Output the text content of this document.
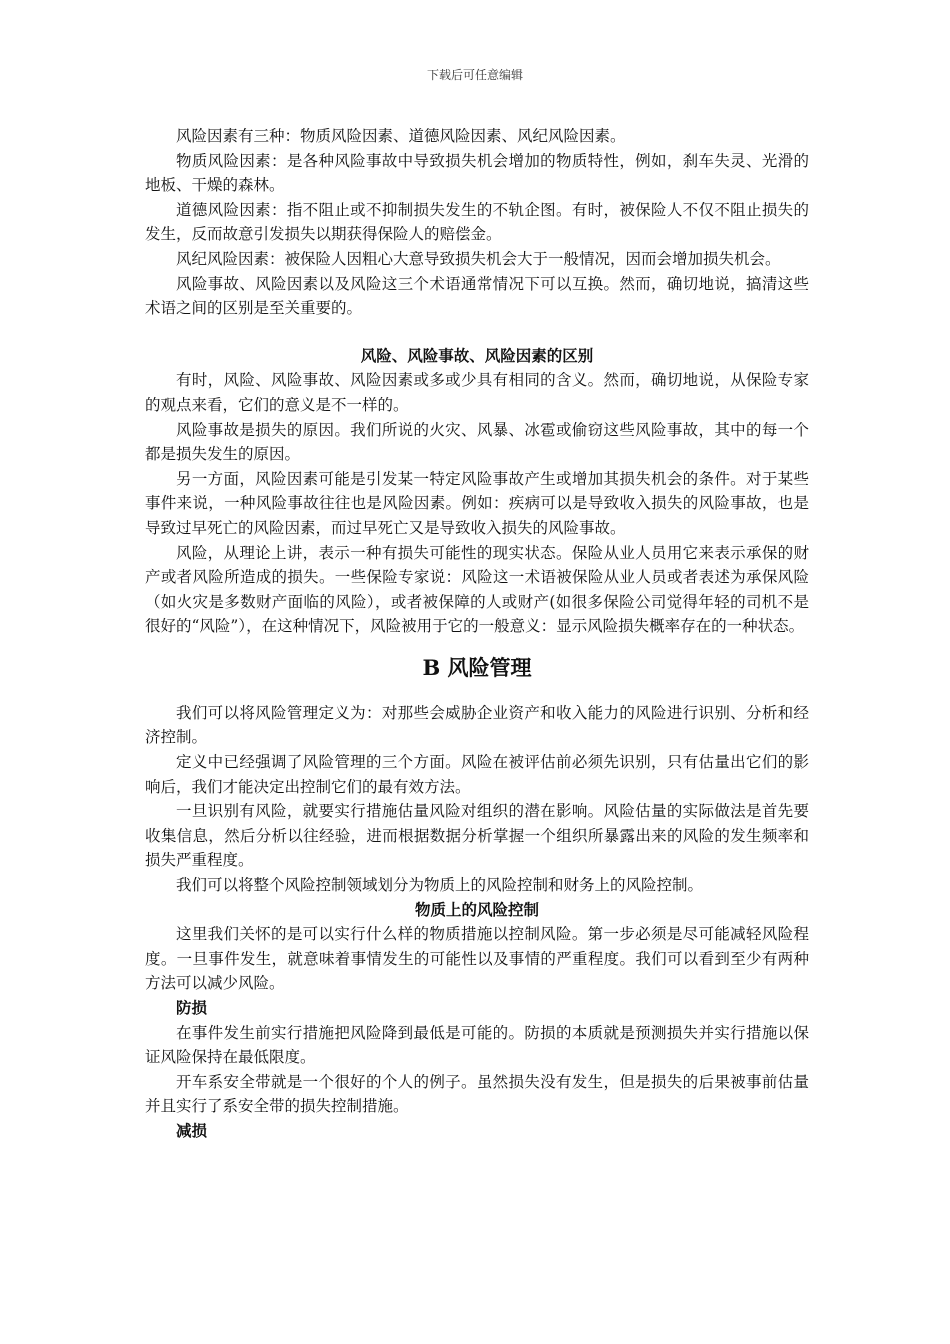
下载后可任意编辑

风险因素有三种：物质风险因素、道德风险因素、风纪风险因素。

物质风险因素：是各种风险事故中导致损失机会增加的物质特性，例如，刹车失灵、光滑的地板、干燥的森林。

道德风险因素：指不阻止或不抑制损失发生的不轨企图。有时，被保险人不仅不阻止损失的发生，反而故意引发损失以期获得保险人的赔偿金。

风纪风险因素：被保险人因粗心大意导致损失机会大于一般情况，因而会增加损失机会。

风险事故、风险因素以及风险这三个术语通常情况下可以互换。然而，确切地说，搞清这些术语之间的区别是至关重要的。

风险、风险事故、风险因素的区别

有时，风险、风险事故、风险因素或多或少具有相同的含义。然而，确切地说，从保险专家的观点来看，它们的意义是不一样的。

风险事故是损失的原因。我们所说的火灾、风暴、冰雹或偷窃这些风险事故，其中的每一个都是损失发生的原因。

另一方面，风险因素可能是引发某一特定风险事故产生或增加其损失机会的条件。对于某些事件来说，一种风险事故往往也是风险因素。例如：疾病可以是导致收入损失的风险事故，也是导致过早死亡的风险因素，而过早死亡又是导致收入损失的风险事故。

风险，从理论上讲，表示一种有损失可能性的现实状态。保险从业人员用它来表示承保的财产或者风险所造成的损失。一些保险专家说：风险这一术语被保险从业人员或者表述为承保风险（如火灾是多数财产面临的风险），或者被保障的人或财产(如很多保险公司觉得年轻的司机不是很好的“风险”），在这种情况下，风险被用于它的一般意义：显示风险损失概率存在的一种状态。

B 风险管理

我们可以将风险管理定义为：对那些会威胁企业资产和收入能力的风险进行识别、分析和经济控制。

定义中已经强调了风险管理的三个方面。风险在被评估前必须先识别，只有估量出它们的影响后，我们才能决定出控制它们的最有效方法。

一旦识别有风险，就要实行措施估量风险对组织的潜在影响。风险估量的实际做法是首先要收集信息，然后分析以往经验，进而根据数据分析掌握一个组织所暴露出来的风险的发生频率和损失严重程度。

我们可以将整个风险控制领域划分为物质上的风险控制和财务上的风险控制。

物质上的风险控制

这里我们关怀的是可以实行什么样的物质措施以控制风险。第一步必须是尽可能减轻风险程度。一旦事件发生，就意味着事情发生的可能性以及事情的严重程度。我们可以看到至少有两种方法可以减少风险。

防损

在事件发生前实行措施把风险降到最低是可能的。防损的本质就是预测损失并实行措施以保证风险保持在最低限度。

开车系安全带就是一个很好的个人的例子。虽然损失没有发生，但是损失的后果被事前估量并且实行了系安全带的损失控制措施。

减损
